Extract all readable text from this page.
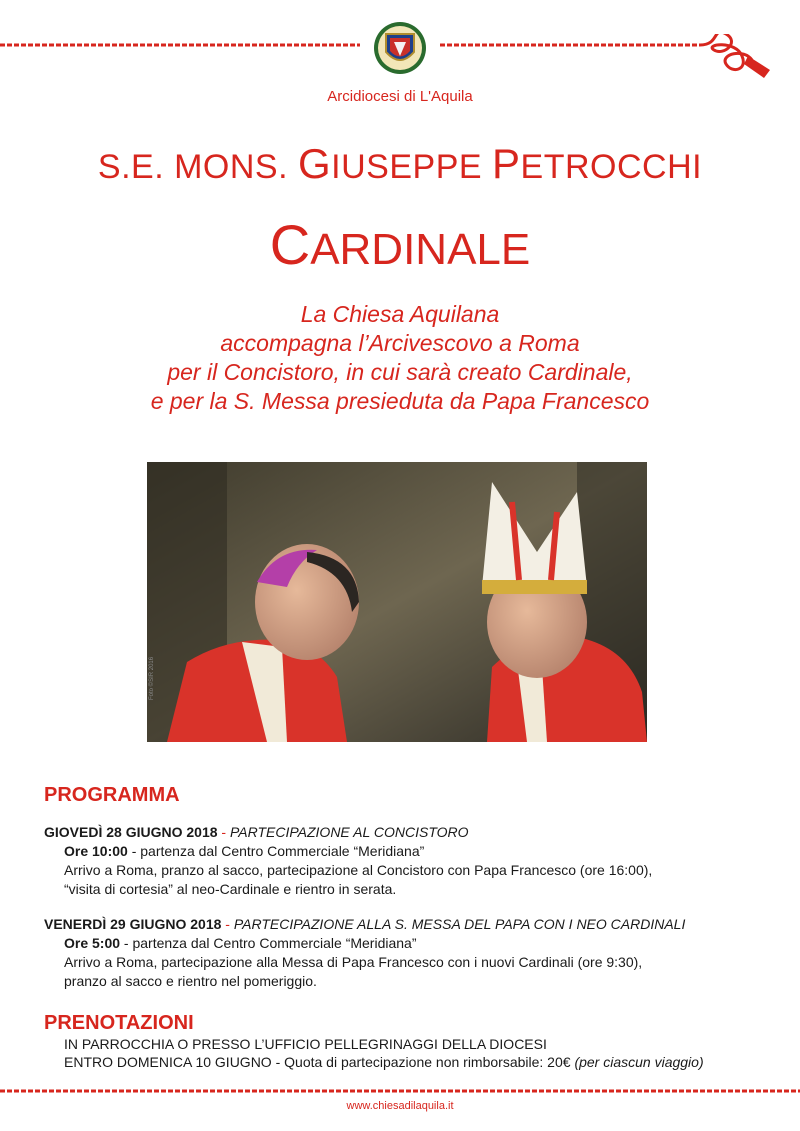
Arcidiocesi di L'Aquila
S.E. MONS. GIUSEPPE PETROCCHI
CARDINALE
La Chiesa Aquilana
accompagna l’Arcivescovo a Roma
per il Concistoro, in cui sarà creato Cardinale,
e per la S. Messa presieduta da Papa Francesco
Foto ©SIR 2016
PROGRAMMA
GIOVEDÌ 28 GIUGNO 2018 - PARTECIPAZIONE AL CONCISTORO
Ore 10:00 - partenza dal Centro Commerciale “Meridiana”
Arrivo a Roma, pranzo al sacco, partecipazione al Concistoro con Papa Francesco (ore 16:00),
“visita di cortesia” al neo-Cardinale e rientro in serata.
VENERDÌ 29 GIUGNO 2018 - PARTECIPAZIONE ALLA S. MESSA DEL PAPA CON I NEO CARDINALI
Ore 5:00 - partenza dal Centro Commerciale “Meridiana”
Arrivo a Roma, partecipazione alla Messa di Papa Francesco con i nuovi Cardinali (ore 9:30),
pranzo al sacco e rientro nel pomeriggio.
PRENOTAZIONI
IN PARROCCHIA O PRESSO L’UFFICIO PELLEGRINAGGI DELLA DIOCESI
ENTRO DOMENICA 10 GIUGNO - Quota di partecipazione non rimborsabile: 20€ (per ciascun viaggio)
www.chiesadilaquila.it
